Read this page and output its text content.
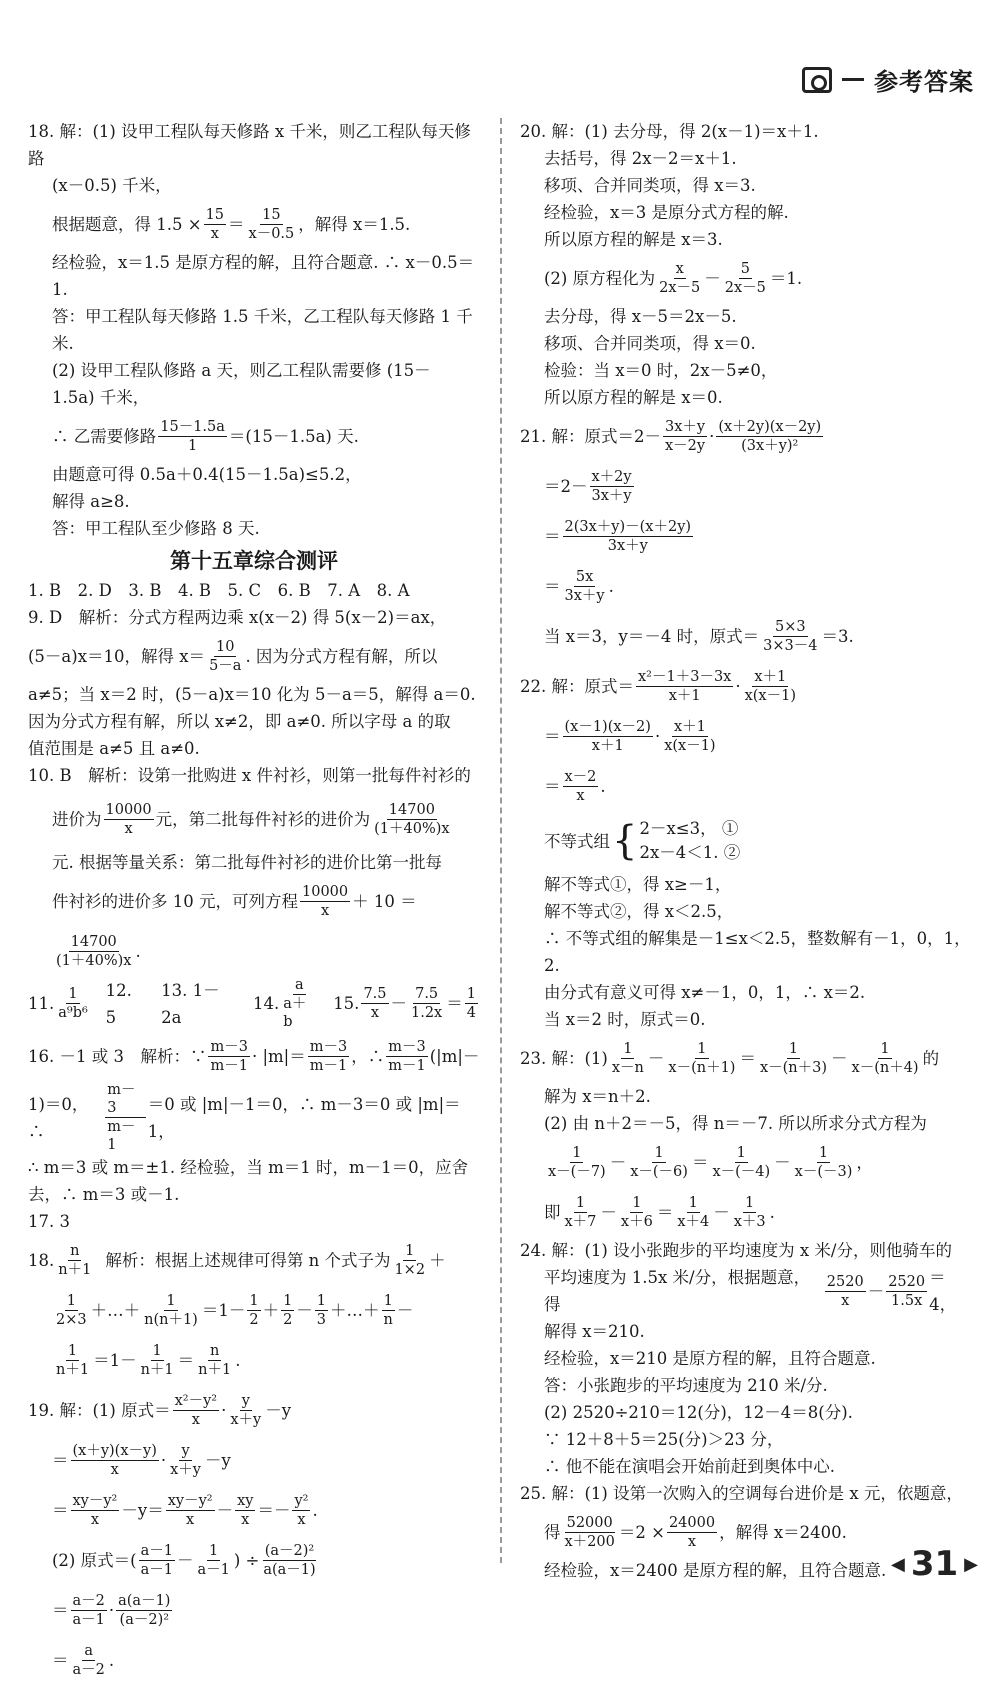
参考答案

18. 解：(1) 设甲工程队每天修路 x 千米，则乙工程队每天修路

(x－0.5) 千米，

根据题意，得 $1.5 \times \frac{15}{x} = \frac{15}{x-0.5}$ ，解得 x＝1.5.

经检验，x＝1.5 是原方程的解，且符合题意. ∴ x－0.5＝1.

答：甲工程队每天修路 1.5 千米，乙工程队每天修路 1 千米.

(2) 设甲工程队修路 a 天，则乙工程队需要修 (15－

1.5a) 千米，

∴ 乙需要修路 $\frac{15-1.5a}{1} =(15-1.5a)$ 天.

由题意可得 0.5a＋0.4(15－1.5a)≤5.2，

解得 a≥8.

答：甲工程队至少修路 8 天.

第十五章综合测评

1. B　2. D　3. B　4. B　5. C　6. B　7. A　8. A

9. D　解析：分式方程两边乘 x(x－2) 得 5(x－2)＝ax，

(5－a)x＝10，解得 $x= \frac{10}{5-a}$ . 因为分式方程有解，所以

a≠5；当 x＝2 时，(5－a)x＝10 化为 5－a＝5，解得 a＝0.

因为分式方程有解，所以 x≠2，即 a≠0. 所以字母 a 的取

值范围是 a≠5 且 a≠0.

10. B　解析：设第一批购进 x 件衬衫，则第一批每件衬衫的

进价为 $\frac{10000}{x}$ 元，第二批每件衬衫的进价为 $\frac{14700}{(1+40\%)x}$

元. 根据等量关系：第二批每件衬衫的进价比第一批每

件衬衫的进价多 10 元，可列方程 $\frac{10000}{x} + 10$ ＝
$\frac{14700}{(1+40\%)x}$ .
11. $\frac{1}{\text{a⁹b⁶}} 12$. 5
13. 1－2a
14. $\frac{a}{a+b} 15$. $\frac{7.5}{x} - \frac{7.5}{1.2x} = \frac{1}{4}$
16. －1 或 3　解析：∵ $\frac{m-3}{m-1} \cdot |m|= \frac{m-3}{m-1}$ ，∴ $\frac{m-3}{m-1} (|m|-$
1)＝0，∴	$\frac{m-3}{m-1} =0$ 或 |m|－1＝0，∴ m－3＝0 或 |m|＝1，

∴ m＝3 或 m＝±1. 经检验，当 m＝1 时，m－1＝0，应舍

去，∴ m＝3 或－1.

17. 3

18. $\frac{n}{n+1}$ 解析：根据上述规律可得第 n 个式子为 $\frac{1}{1\times 2}$ ＋
$\frac{1}{2\times 3}$ ＋…＋ $\frac{1}{n(n+1)} =1- \frac{1}{2} + \frac{1}{2} - \frac{1}{3}$ ＋…＋ $\frac{1}{n}$ －
$\frac{1}{n+1} =1- \frac{1}{n+1} = \frac{n}{n+1}$ .
19. 解：(1) 原式＝ $\frac{\text{x²－y²}}{x} \cdot \frac{y}{x+y} -y$
＝ $\frac{(x+y)(x-y)}{x} \cdot \frac{y}{x+y} -y$
＝ $\frac{\text{xy－y²}}{x} -y= \frac{\text{xy－y²}}{x} - \frac{xy}{x} =- \frac{\text{y²}}{x}$ .
(2) 原式＝( $\frac{a-1}{a-1} - \frac{1}{a-1}$ ) ÷ $\frac{\text{(a－2)²}}{a(a-1)}$
＝ $\frac{a-2}{a-1} \cdot \frac{a(a-1)}{\text{(a－2)²}}$
＝ $\frac{a}{a-2}$ .

20. 解：(1) 去分母，得 2(x－1)＝x＋1.

去括号，得 2x－2＝x＋1.

移项、合并同类项，得 x＝3.

经检验，x＝3 是原分式方程的解.

所以原方程的解是 x＝3.

(2) 原方程化为 $\frac{x}{2x-5} - \frac{5}{2x-5} =1$.

去分母，得 x－5＝2x－5.

移项、合并同类项，得 x＝0.

检验：当 x＝0 时，2x－5≠0，

所以原方程的解是 x＝0.

21. 解：原式$=2- \frac{3x+y}{x-2y} \cdot \frac{(x+2y)(x-2y)}{\text{(3x＋y)²}}$
$=2- \frac{x+2y}{3x+y}$
＝ $\frac{2(3x+y)-(x+2y)}{3x+y}$
＝ $\frac{5x}{3x+y}$ .
当 x＝3，y＝－4 时，原式＝ $\frac{5\times 3}{3\times 3-4} =3$.
22. 解：原式＝ $\frac{\text{x²－1＋3－3x}}{x+1} \cdot \frac{x+1}{x(x-1)}$
＝ $\frac{(x-1)(x-2)}{x+1} \cdot \frac{x+1}{x(x-1)}$
＝ $\frac{x-2}{x}$ .
不等式组 { 2－x≤3， ①
2x－4＜1. ②

解不等式①，得 x≥－1，

解不等式②，得 x＜2.5，

∴ 不等式组的解集是－1≤x＜2.5，整数解有－1，0，1，2.

由分式有意义可得 x≠－1，0，1，∴ x＝2.

当 x＝2 时，原式＝0.

23. 解：$(1) \frac{1}{x-n} - \frac{1}{x-(n+1)} = \frac{1}{x-(n+3)} - \frac{1}{x-(n+4)}$ 的

解为 x＝n＋2.

(2) 由 n＋2＝－5，得 n＝－7. 所以所求分式方程为

$\frac{1}{x-(-7)} - \frac{1}{x-(-6)} = \frac{1}{x-(-4)} - \frac{1}{x-(-3)}$ ，
即 $\frac{1}{x+7} - \frac{1}{x+6} = \frac{1}{x+4} - \frac{1}{x+3}$ .

24. 解：(1) 设小张跑步的平均速度为 x 米/分，则他骑车的

平均速度为 1.5x 米/分，根据题意，得	$\frac{2520}{x} - \frac{2520}{1.5x} =4$，

解得 x＝210.

经检验，x＝210 是原方程的解，且符合题意.

答：小张跑步的平均速度为 210 米/分.

(2) 2520÷210＝12(分)，12－4＝8(分).

∵ 12＋8＋5＝25(分)＞23 分，

∴ 他不能在演唱会开始前赶到奥体中心.

25. 解：(1) 设第一次购入的空调每台进价是 x 元，依题意，

得 $\frac{52000}{x+200} =2 \times \frac{24000}{x}$ ，解得 x＝2400.

经检验，x＝2400 是原方程的解，且符合题意. ◀ 31 ▶
